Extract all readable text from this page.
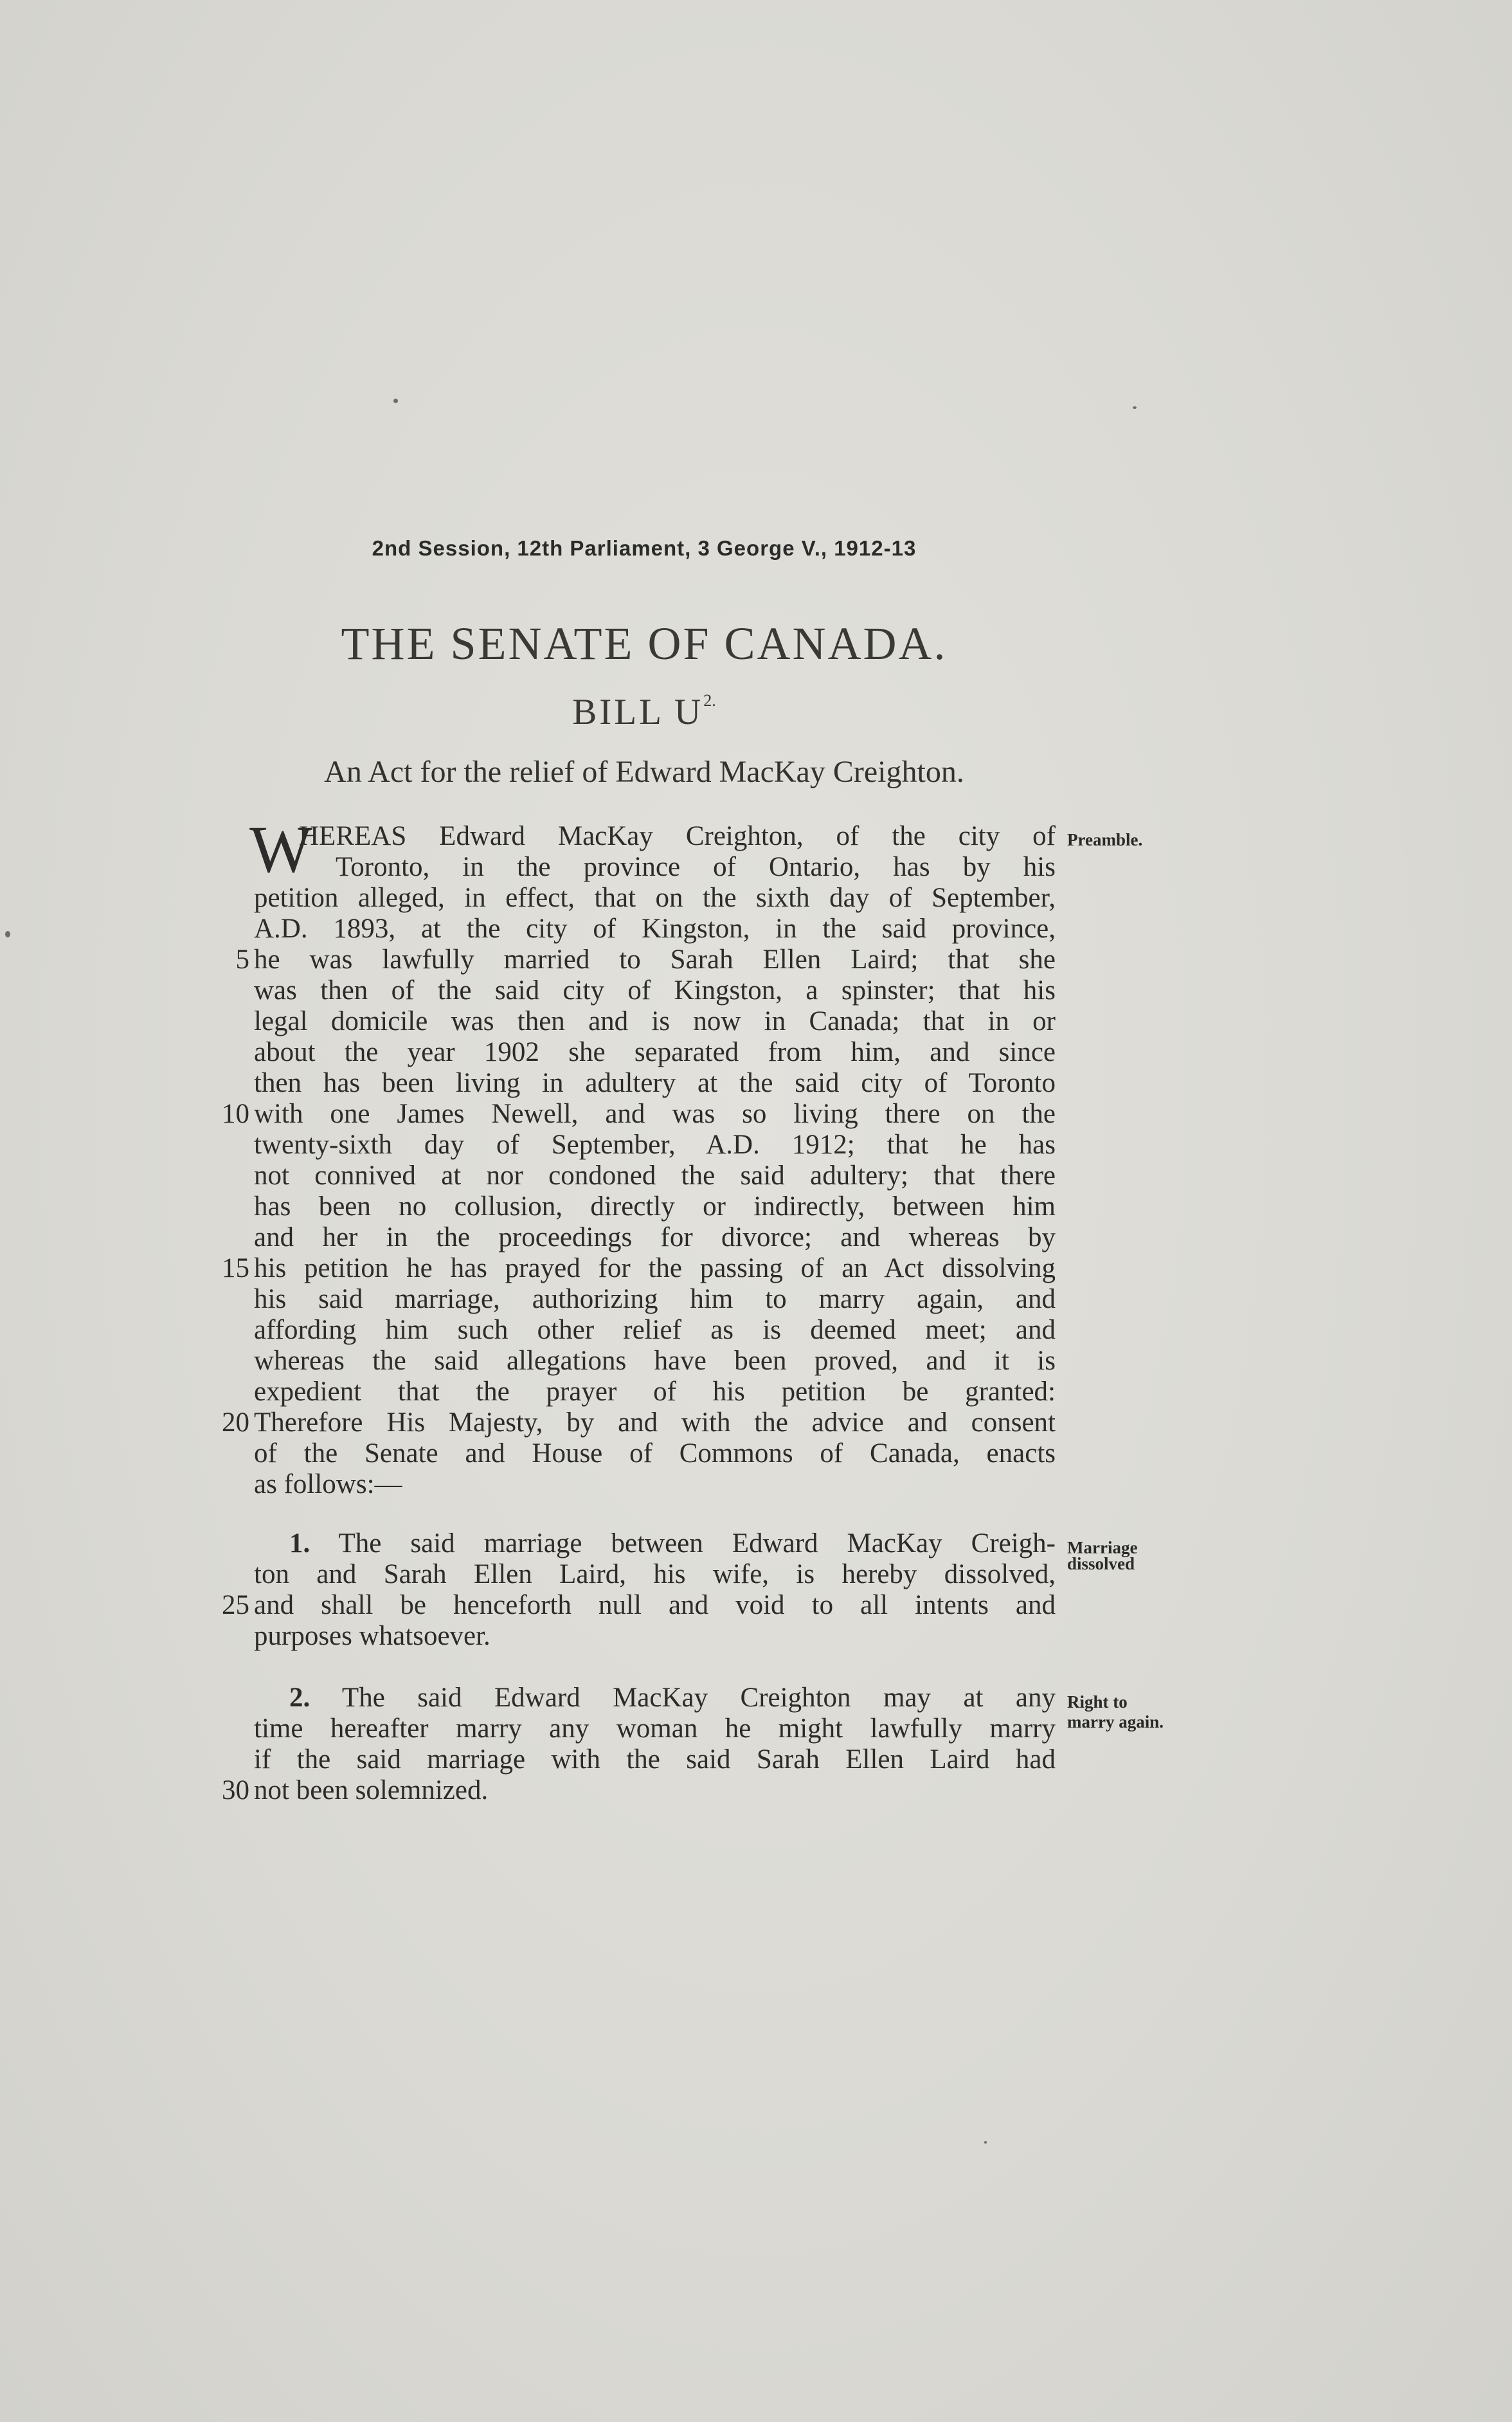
2nd Session, 12th Parliament, 3 George V., 1912-13
THE SENATE OF CANADA.
BILL $U^{2.}$
An Act for the relief of Edward MacKay Creighton.
W
HEREAS Edward MacKay Creighton, of the city of
Toronto, in the province of Ontario, has by his
petition alleged, in effect, that on the sixth day of September,
A.D. 1893, at the city of Kingston, in the said province,
he was lawfully married to Sarah Ellen Laird; that she
was then of the said city of Kingston, a spinster; that his
legal domicile was then and is now in Canada; that in or
about the year 1902 she separated from him, and since
then has been living in adultery at the said city of Toronto
with one James Newell, and was so living there on the
twenty-sixth day of September, A.D. 1912; that he has
not connived at nor condoned the said adultery; that there
has been no collusion, directly or indirectly, between him
and her in the proceedings for divorce; and whereas by
his petition he has prayed for the passing of an Act dissolving
his said marriage, authorizing him to marry again, and
affording him such other relief as is deemed meet; and
whereas the said allegations have been proved, and it is
expedient that the prayer of his petition be granted:
Therefore His Majesty, by and with the advice and consent
of the Senate and House of Commons of Canada, enacts
as follows:—
1. The said marriage between Edward MacKay Creigh-
ton and Sarah Ellen Laird, his wife, is hereby dissolved,
and shall be henceforth null and void to all intents and
purposes whatsoever.
2. The said Edward MacKay Creighton may at any
time hereafter marry any woman he might lawfully marry
if the said marriage with the said Sarah Ellen Laird had
not been solemnized.
5
10
15
20
25
30
Preamble.
Marriage
dissolved
Right to
marry again.
